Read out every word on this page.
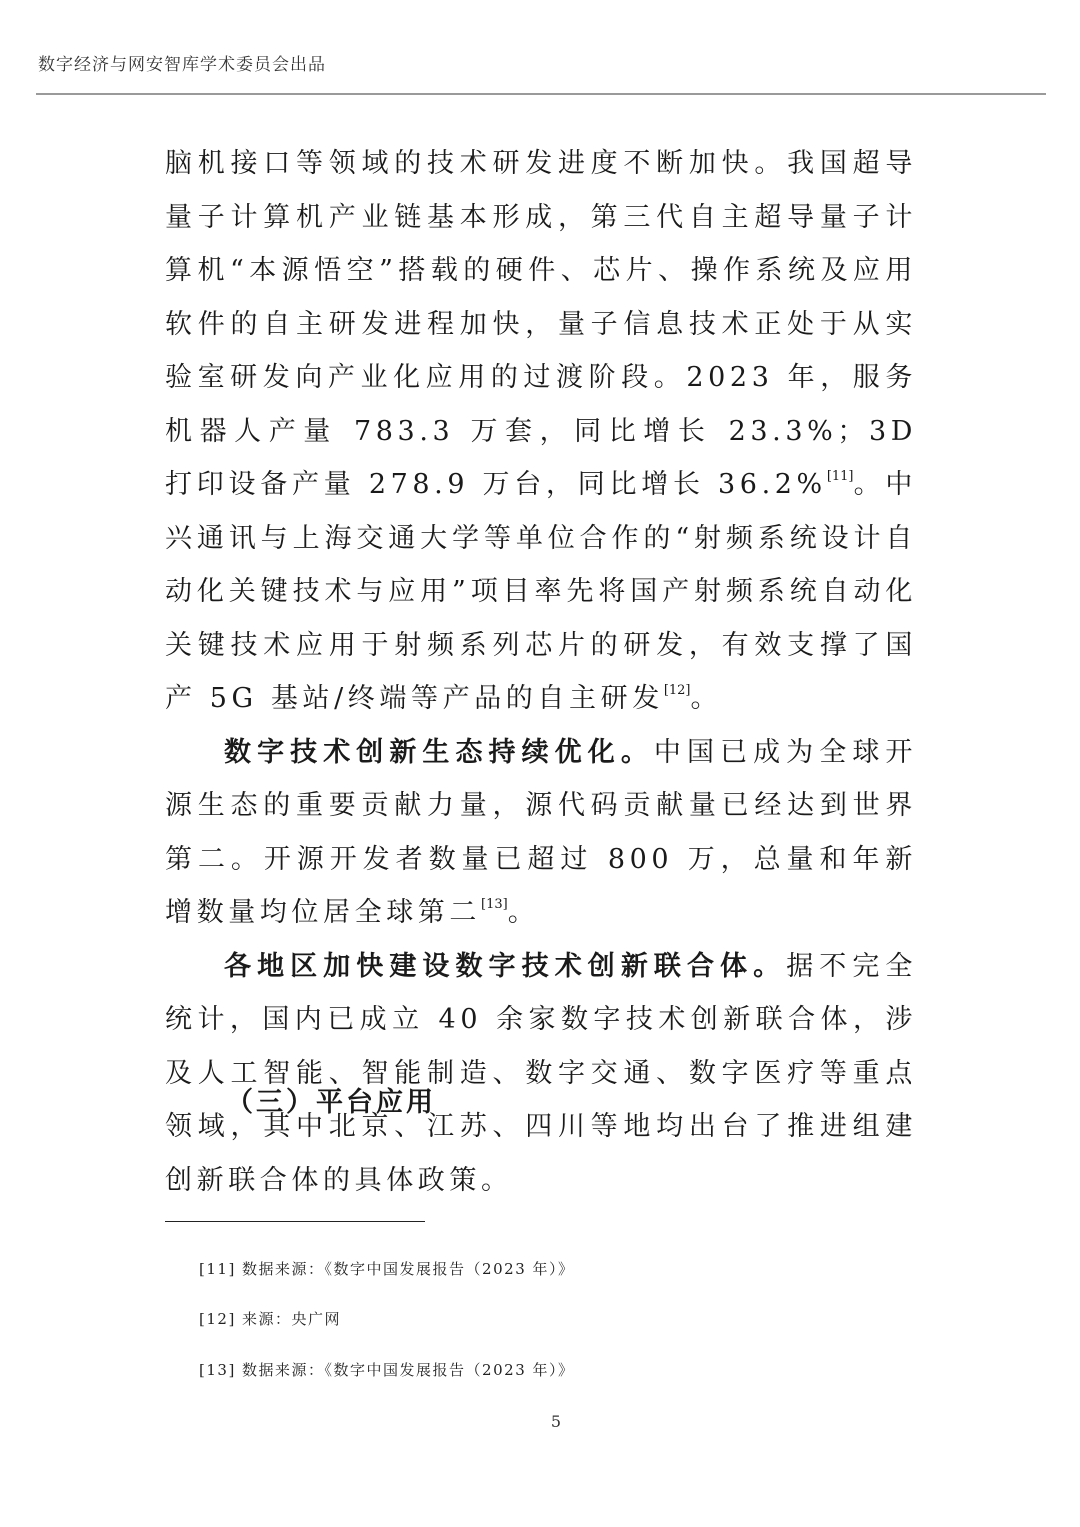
数字经济与网安智库学术委员会出品

脑机接口等领域的技术研发进度不断加快。我国超导量子计算机产业链基本形成，第三代自主超导量子计算机“本源悟空”搭载的硬件、芯片、操作系统及应用软件的自主研发进程加快，量子信息技术正处于从实验室研发向产业化应用的过渡阶段。2023 年，服务机器人产量 783.3 万套，同比增长 23.3%；3D 打印设备产量 278.9 万台，同比增长 36.2%[11]。中兴通讯与上海交通大学等单位合作的“射频系统设计自动化关键技术与应用”项目率先将国产射频系统自动化关键技术应用于射频系列芯片的研发，有效支撑了国产 5G 基站/终端等产品的自主研发[12]。

数字技术创新生态持续优化。中国已成为全球开源生态的重要贡献力量，源代码贡献量已经达到世界第二。开源开发者数量已超过 800 万，总量和年新增数量均位居全球第二[13]。

各地区加快建设数字技术创新联合体。据不完全统计，国内已成立 40 余家数字技术创新联合体，涉及人工智能、智能制造、数字交通、数字医疗等重点领域，其中北京、江苏、四川等地均出台了推进组建创新联合体的具体政策。

（三）平台应用
[11] 数据来源：《数字中国发展报告（2023 年）》
[12] 来源：央广网
[13] 数据来源：《数字中国发展报告（2023 年）》
5
